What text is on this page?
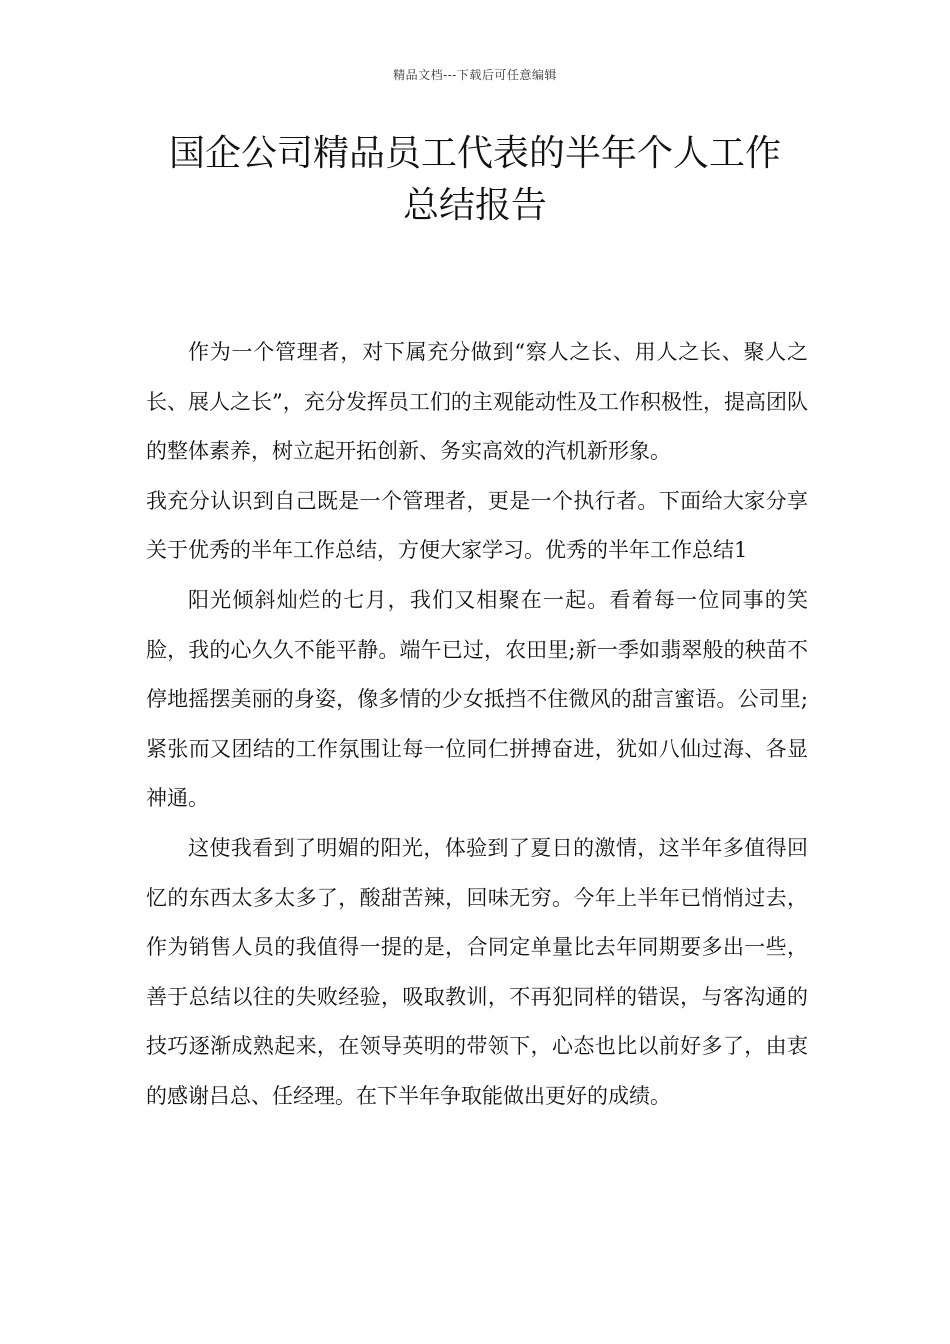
精品文档---下载后可任意编辑
国企公司精品员工代表的半年个人工作
总结报告

作为一个管理者，对下属充分做到“察人之长、用人之长、聚人之长、展人之长”，充分发挥员工们的主观能动性及工作积极性，提高团队的整体素养，树立起开拓创新、务实高效的汽机新形象。

我充分认识到自己既是一个管理者，更是一个执行者。下面给大家分享关于优秀的半年工作总结，方便大家学习。优秀的半年工作总结1

阳光倾斜灿烂的七月，我们又相聚在一起。看着每一位同事的笑脸，我的心久久不能平静。端午已过，农田里;新一季如翡翠般的秧苗不停地摇摆美丽的身姿，像多情的少女抵挡不住微风的甜言蜜语。公司里;紧张而又团结的工作氛围让每一位同仁拼搏奋进，犹如八仙过海、各显神通。

这使我看到了明媚的阳光，体验到了夏日的激情，这半年多值得回忆的东西太多太多了，酸甜苦辣，回味无穷。今年上半年已悄悄过去，作为销售人员的我值得一提的是，合同定单量比去年同期要多出一些，善于总结以往的失败经验，吸取教训，不再犯同样的错误，与客沟通的技巧逐渐成熟起来，在领导英明的带领下，心态也比以前好多了，由衷的感谢吕总、任经理。在下半年争取能做出更好的成绩。
